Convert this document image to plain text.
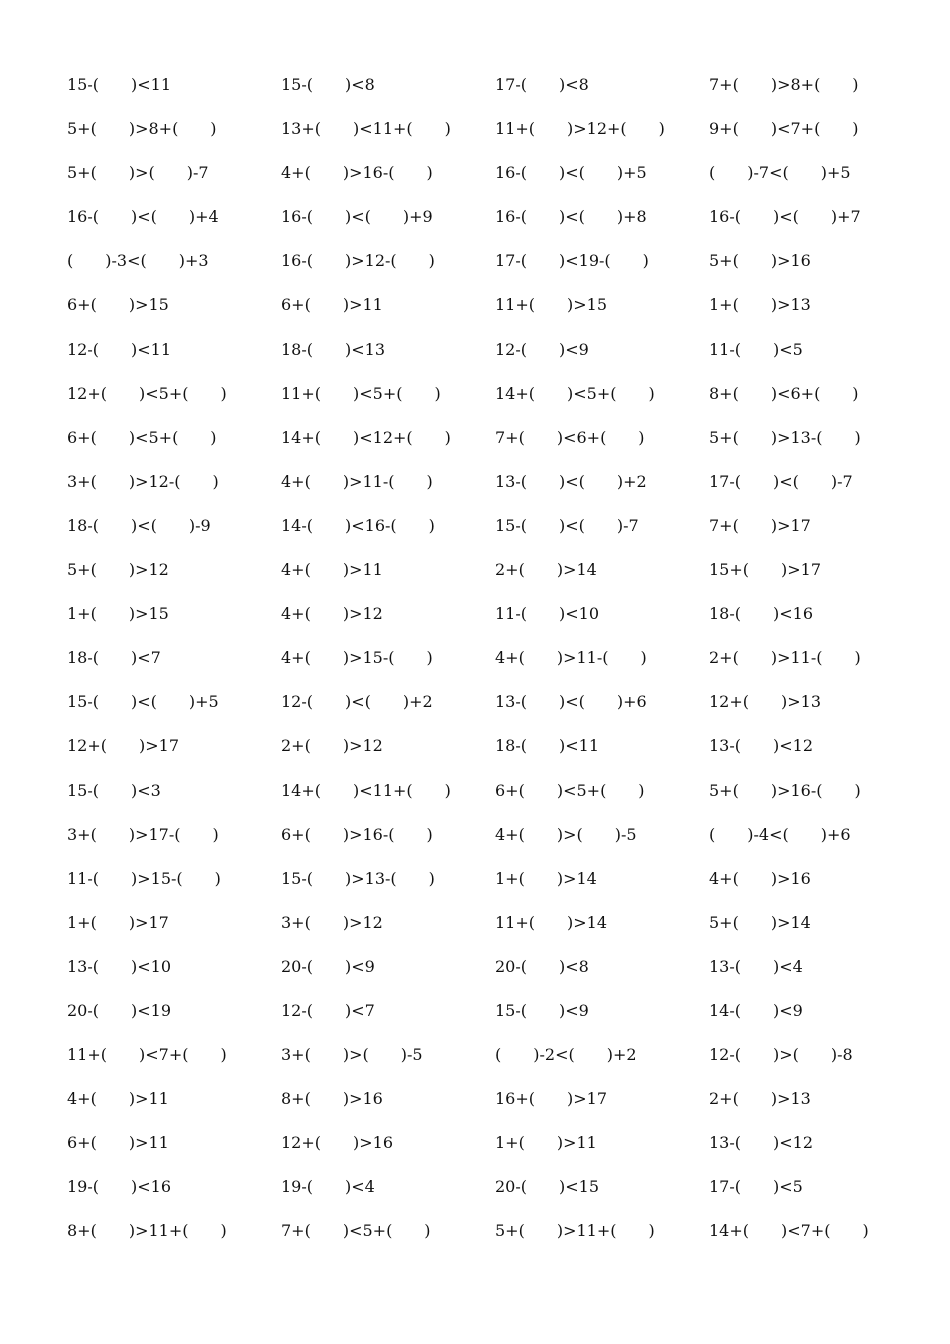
15-(　　)<11	15-(　　)<8	17-(　　)<8	7+(　　)>8+(　　)
5+(　　)>8+(　　)	13+(　　)<11+(　　)	11+(　　)>12+(　　)	9+(　　)<7+(　　)
5+(　　)>(　　)-7	4+(　　)>16-(　　)	16-(　　)<(　　)+5	(　　)-7<(　　)+5
16-(　　)<(　　)+4	16-(　　)<(　　)+9	16-(　　)<(　　)+8	16-(　　)<(　　)+7
(　　)-3<(　　)+3	16-(　　)>12-(　　)	17-(　　)<19-(　　)	5+(　　)>16
6+(　　)>15	6+(　　)>11	11+(　　)>15	1+(　　)>13
12-(　　)<11	18-(　　)<13	12-(　　)<9	11-(　　)<5
12+(　　)<5+(　　)	11+(　　)<5+(　　)	14+(　　)<5+(　　)	8+(　　)<6+(　　)
6+(　　)<5+(　　)	14+(　　)<12+(　　)	7+(　　)<6+(　　)	5+(　　)>13-(　　)
3+(　　)>12-(　　)	4+(　　)>11-(　　)	13-(　　)<(　　)+2	17-(　　)<(　　)-7
18-(　　)<(　　)-9	14-(　　)<16-(　　)	15-(　　)<(　　)-7	7+(　　)>17
5+(　　)>12	4+(　　)>11	2+(　　)>14	15+(　　)>17
1+(　　)>15	4+(　　)>12	11-(　　)<10	18-(　　)<16
18-(　　)<7	4+(　　)>15-(　　)	4+(　　)>11-(　　)	2+(　　)>11-(　　)
15-(　　)<(　　)+5	12-(　　)<(　　)+2	13-(　　)<(　　)+6	12+(　　)>13
12+(　　)>17	2+(　　)>12	18-(　　)<11	13-(　　)<12
15-(　　)<3	14+(　　)<11+(　　)	6+(　　)<5+(　　)	5+(　　)>16-(　　)
3+(　　)>17-(　　)	6+(　　)>16-(　　)	4+(　　)>(　　)-5	(　　)-4<(　　)+6
11-(　　)>15-(　　)	15-(　　)>13-(　　)	1+(　　)>14	4+(　　)>16
1+(　　)>17	3+(　　)>12	11+(　　)>14	5+(　　)>14
13-(　　)<10	20-(　　)<9	20-(　　)<8	13-(　　)<4
20-(　　)<19	12-(　　)<7	15-(　　)<9	14-(　　)<9
11+(　　)<7+(　　)	3+(　　)>(　　)-5	(　　)-2<(　　)+2	12-(　　)>(　　)-8
4+(　　)>11	8+(　　)>16	16+(　　)>17	2+(　　)>13
6+(　　)>11	12+(　　)>16	1+(　　)>11	13-(　　)<12
19-(　　)<16	19-(　　)<4	20-(　　)<15	17-(　　)<5
8+(　　)>11+(　　)	7+(　　)<5+(　　)	5+(　　)>11+(　　)	14+(　　)<7+(　　)
